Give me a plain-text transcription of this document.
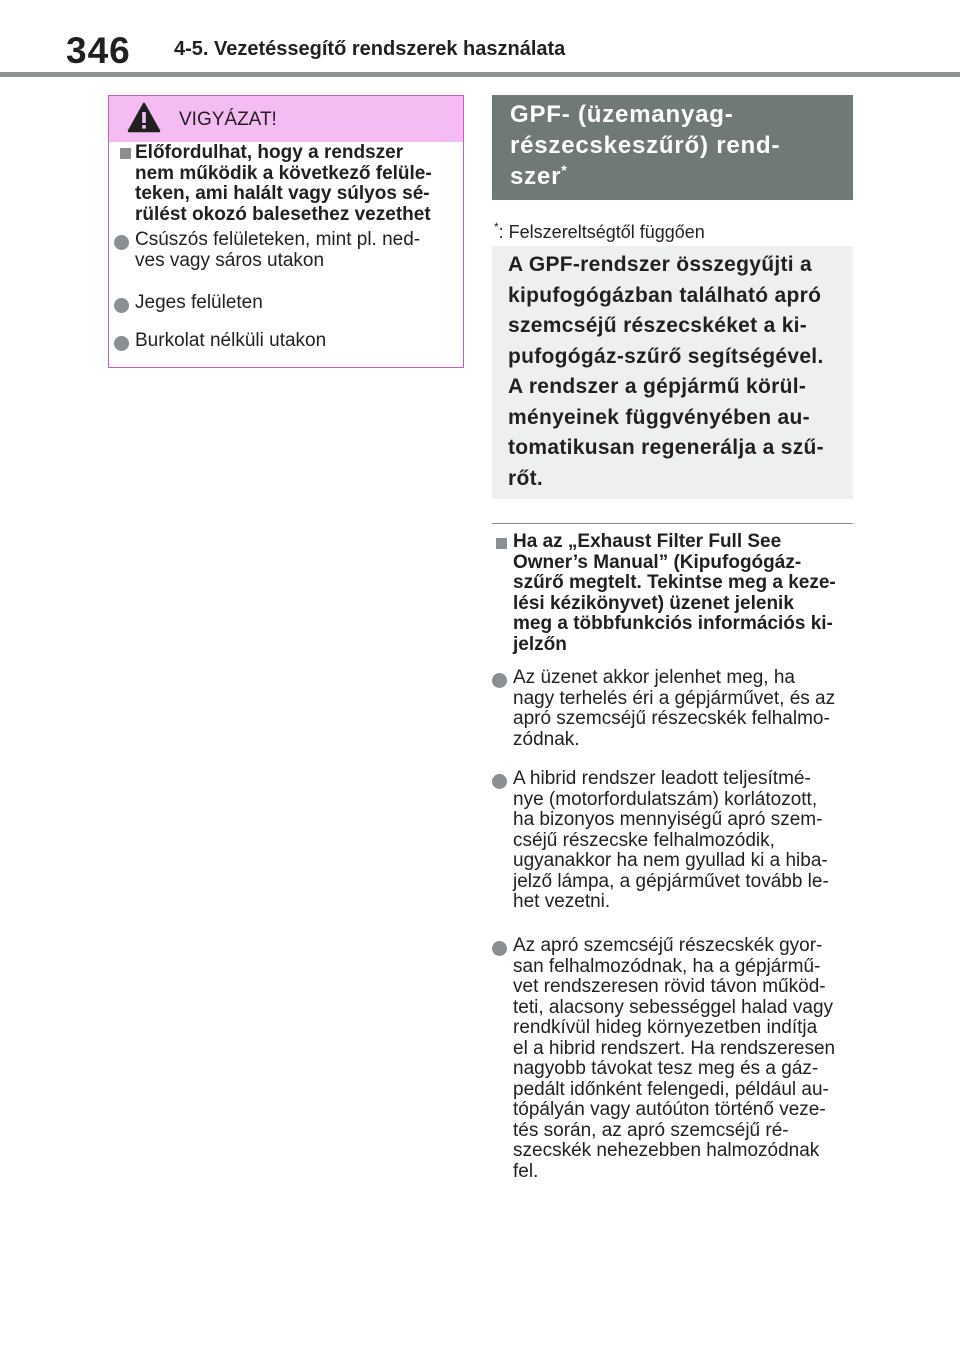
346 4-5. Vezetéssegítő rendszerek használata
VIGYÁZAT!
Előfordulhat, hogy a rendszer
nem működik a következő felüle-
teken, ami halált vagy súlyos sé-
rülést okozó balesethez vezethet
Csúszós felületeken, mint pl. ned-
ves vagy sáros utakon
Jeges felületen
Burkolat nélküli utakon
GPF- (üzemanyag-
részecskeszűrő) rend-
szer*
*: Felszereltségtől függően
A GPF-rendszer összegyűjti a
kipufogógázban található apró
szemcséjű részecskéket a ki-
pufogógáz-szűrő segítségével.
A rendszer a gépjármű körül-
ményeinek függvényében au-
tomatikusan regenerálja a szű-
rőt.
Ha az „Exhaust Filter Full See
Owner’s Manual” (Kipufogógáz-
szűrő megtelt. Tekintse meg a keze-
lési kézikönyvet) üzenet jelenik
meg a többfunkciós információs ki-
jelzőn
Az üzenet akkor jelenhet meg, ha
nagy terhelés éri a gépjárművet, és az
apró szemcséjű részecskék felhalmo-
zódnak.
A hibrid rendszer leadott teljesítmé-
nye (motorfordulatszám) korlátozott,
ha bizonyos mennyiségű apró szem-
cséjű részecske felhalmozódik,
ugyanakkor ha nem gyullad ki a hiba-
jelző lámpa, a gépjárművet tovább le-
het vezetni.
Az apró szemcséjű részecskék gyor-
san felhalmozódnak, ha a gépjármű-
vet rendszeresen rövid távon működ-
teti, alacsony sebességgel halad vagy
rendkívül hideg környezetben indítja
el a hibrid rendszert. Ha rendszeresen
nagyobb távokat tesz meg és a gáz-
pedált időnként felengedi, például au-
tópályán vagy autóúton történő veze-
tés során, az apró szemcséjű ré-
szecskék nehezebben halmozódnak
fel.
